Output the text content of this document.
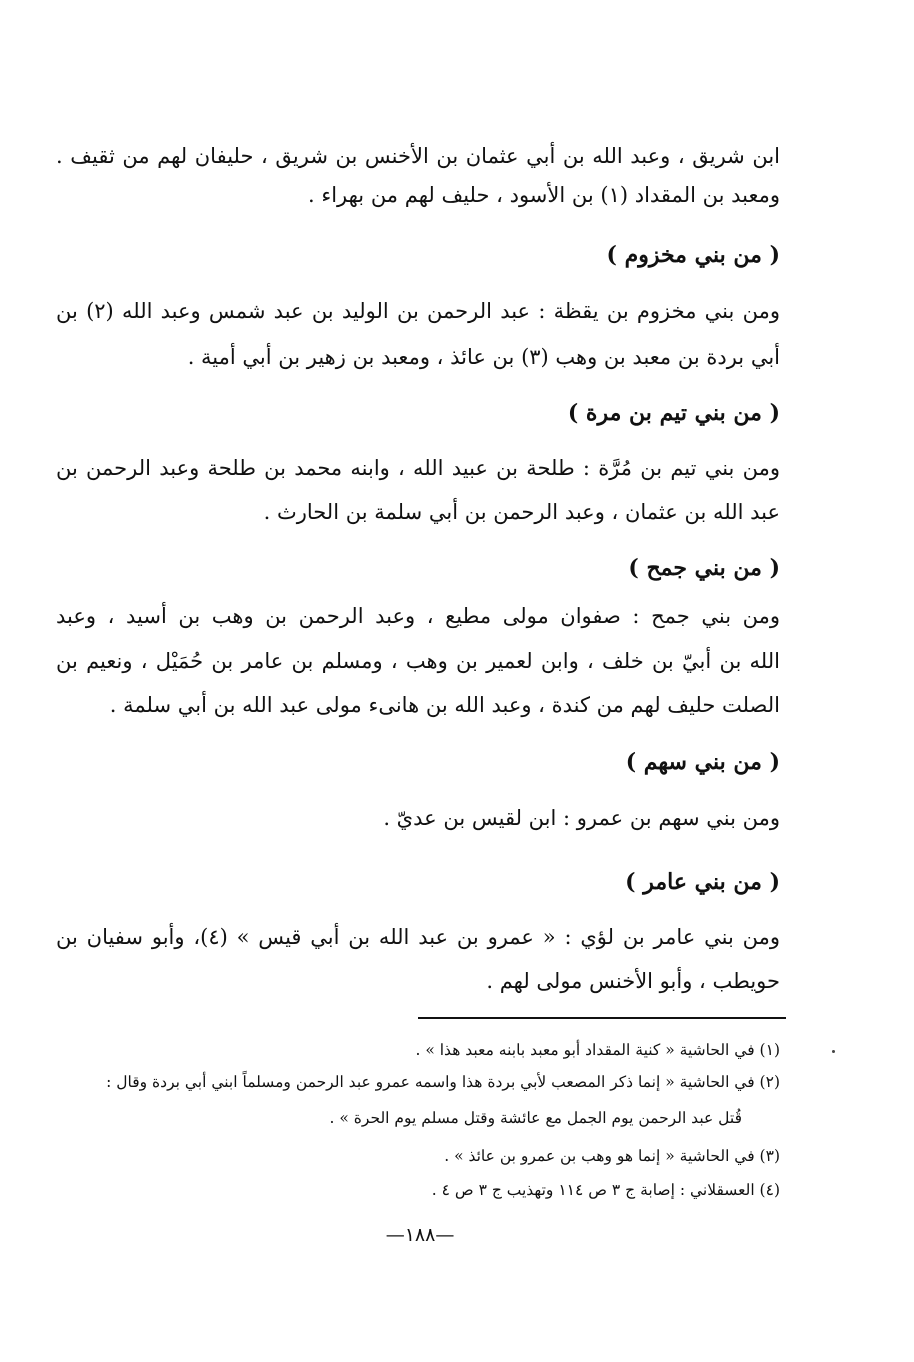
ابن شريق ، وعبد الله بن أبي عثمان بن الأخنس بن شريق ، حليفان لهم من ثقيف .
ومعبد بن المقداد (١) بن الأسود ، حليف لهم من بهراء .
( من بني مخزوم )
ومن بني مخزوم بن يقظة : عبد الرحمن بن الوليد بن عبد شمس وعبد الله (٢) بن
أبي بردة بن معبد بن وهب (٣) بن عائذ ، ومعبد بن زهير بن أبي أمية .
( من بني تيم بن مرة )
ومن بني تيم بن مُرَّة : طلحة بن عبيد الله ، وابنه محمد بن طلحة وعبد الرحمن بن
عبد الله بن عثمان ، وعبد الرحمن بن أبي سلمة بن الحارث .
( من بني جمح )
ومن بني جمح : صفوان مولى مطيع ، وعبد الرحمن بن وهب بن أسيد ، وعبد
الله بن أبيّ بن خلف ، وابن لعمير بن وهب ، ومسلم بن عامر بن حُمَيْل ، ونعيم بن
الصلت حليف لهم من كندة ، وعبد الله بن هانىء مولى عبد الله بن أبي سلمة .
( من بني سهم )
ومن بني سهم بن عمرو : ابن لقيس بن عديّ .
( من بني عامر )
ومن بني عامر بن لؤي : « عمرو بن عبد الله بن أبي قيس » (٤)، وأبو سفيان بن
حويطب ، وأبو الأخنس مولى لهم .
(١) في الحاشية « كنية المقداد أبو معبد بابنه معبد هذا » .
(٢) في الحاشية « إنما ذكر المصعب لأبي بردة هذا واسمه عمرو عبد الرحمن ومسلماً ابني أبي بردة وقال :
قُتل عبد الرحمن يوم الجمل مع عائشة وقتل مسلم يوم الحرة » .
(٣) في الحاشية « إنما هو وهب بن عمرو بن عائذ » .
(٤) العسقلاني : إصابة ج ٣ ص ١١٤ وتهذيب ج ٣ ص ٤ .
—١٨٨—
